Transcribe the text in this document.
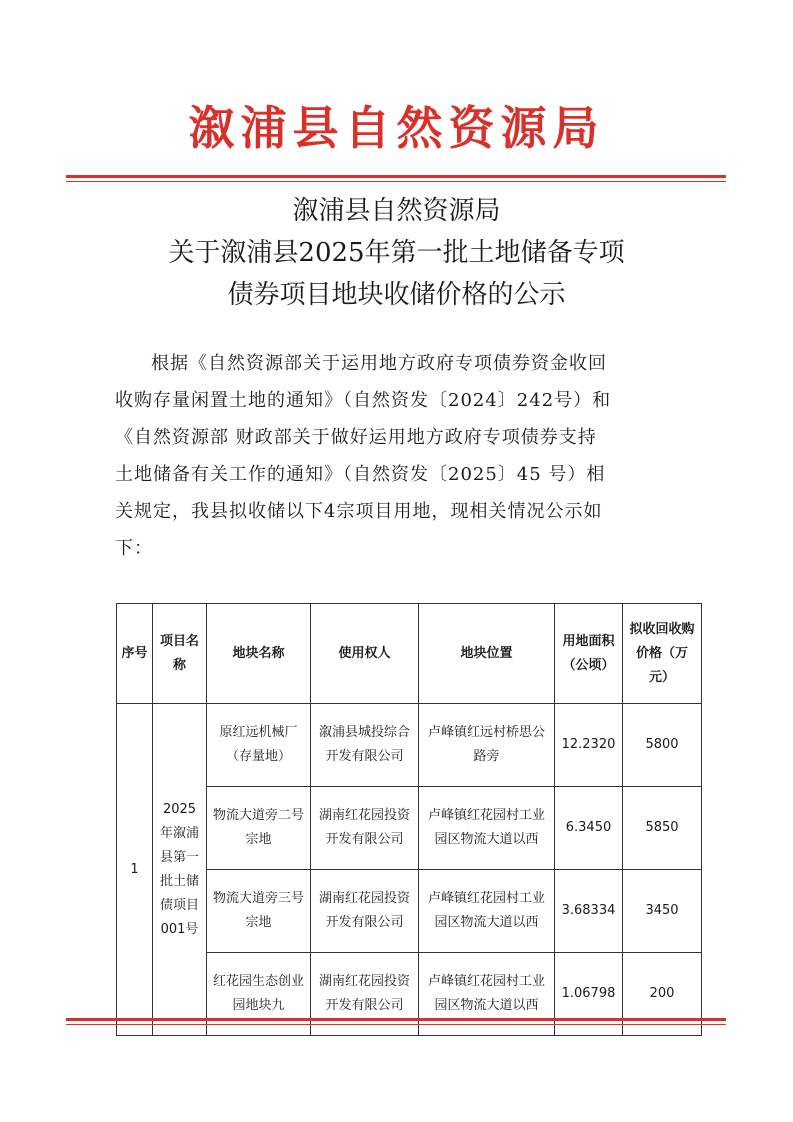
溆浦县自然资源局
溆浦县自然资源局
关于溆浦县2025年第一批土地储备专项
债券项目地块收储价格的公示
根据《自然资源部关于运用地方政府专项债券资金收回
收购存量闲置土地的通知》（自然资发〔2024〕242号）和
《自然资源部 财政部关于做好运用地方政府专项债券支持
土地储备有关工作的通知》（自然资发〔2025〕45 号）相
关规定，我县拟收储以下4宗项目用地，现相关情况公示如
下：
序号	项目名称	地块名称	使用权人	地块位置	用地面积（公顷）	拟收回收购价格（万元）
1	2025年溆浦县第一批土储债项目001号	原红远机械厂（存量地）	溆浦县城投综合开发有限公司	卢峰镇红远村桥思公路旁	12.2320	5800
		物流大道旁二号宗地	湖南红花园投资开发有限公司	卢峰镇红花园村工业园区物流大道以西	6.3450	5850
		物流大道旁三号宗地	湖南红花园投资开发有限公司	卢峰镇红花园村工业园区物流大道以西	3.68334	3450
		红花园生态创业园地块九	湖南红花园投资开发有限公司	卢峰镇红花园村工业园区物流大道以西	1.06798	200
